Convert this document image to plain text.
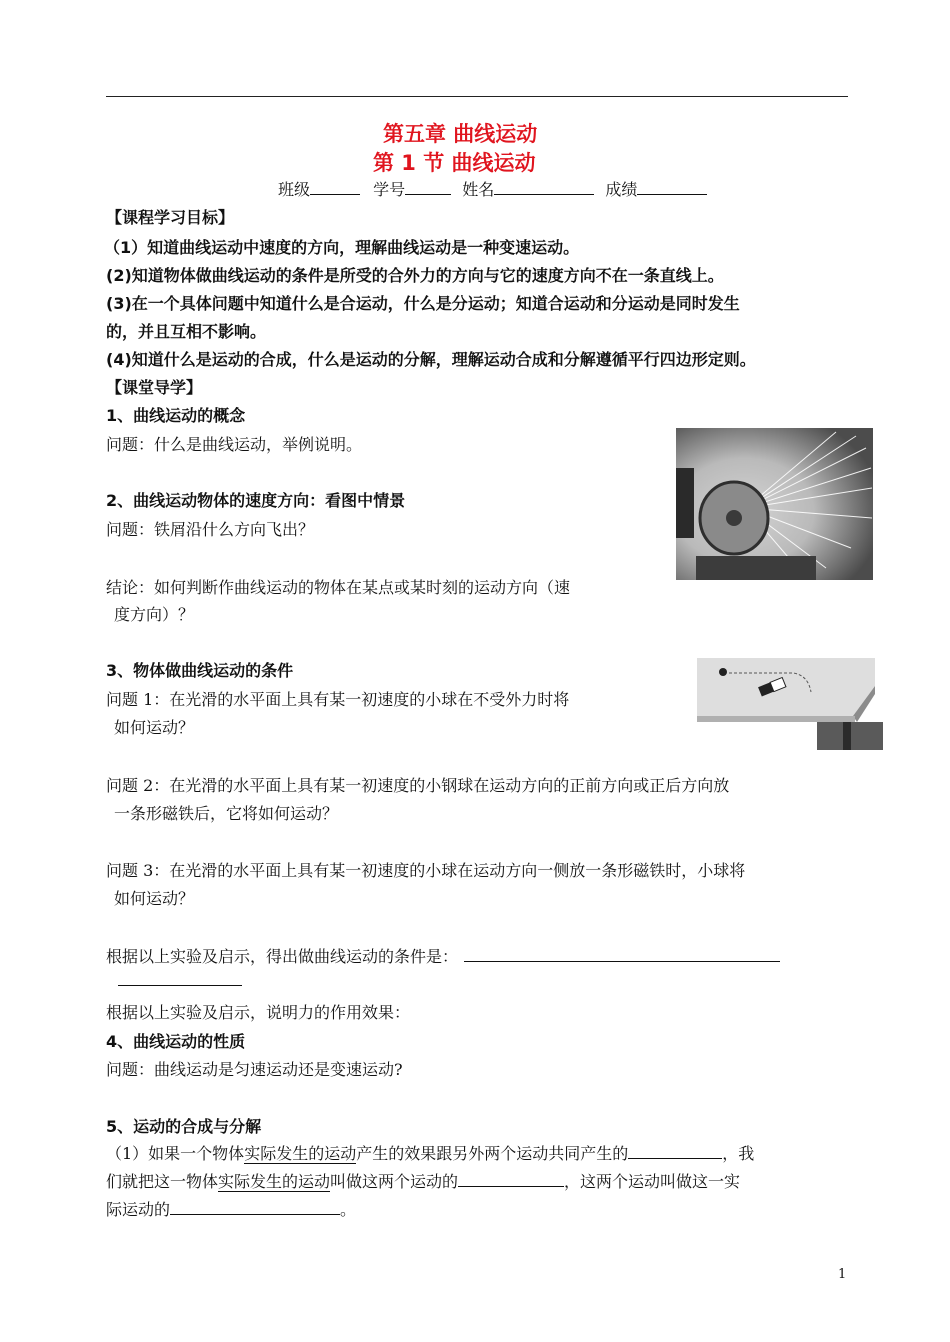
第五章 曲线运动
第 1 节 曲线运动
班级	学号	姓名	成绩
【课程学习目标】
（1）知道曲线运动中速度的方向，理解曲线运动是一种变速运动。
(2)知道物体做曲线运动的条件是所受的合外力的方向与它的速度方向不在一条直线上。
(3)在一个具体问题中知道什么是合运动，什么是分运动；知道合运动和分运动是同时发生
的，并且互相不影响。
(4)知道什么是运动的合成，什么是运动的分解，理解运动合成和分解遵循平行四边形定则。
【课堂导学】
1、曲线运动的概念
问题：什么是曲线运动，举例说明。
2、曲线运动物体的速度方向：看图中情景
问题：铁屑沿什么方向飞出？
结论：如何判断作曲线运动的物体在某点或某时刻的运动方向（速
度方向）？
3、物体做曲线运动的条件
问题 1：在光滑的水平面上具有某一初速度的小球在不受外力时将
如何运动？
问题 2：在光滑的水平面上具有某一初速度的小钢球在运动方向的正前方向或正后方向放
一条形磁铁后，它将如何运动？
问题 3：在光滑的水平面上具有某一初速度的小球在运动方向一侧放一条形磁铁时，小球将
如何运动？
根据以上实验及启示，得出做曲线运动的条件是：
根据以上实验及启示，说明力的作用效果：
4、曲线运动的性质
问题：曲线运动是匀速运动还是变速运动?
5、运动的合成与分解
（1）如果一个物体实际发生的运动产生的效果跟另外两个运动共同产生的	，我
们就把这一物体实际发生的运动叫做这两个运动的	，这两个运动叫做这一实
际运动的	。
1
